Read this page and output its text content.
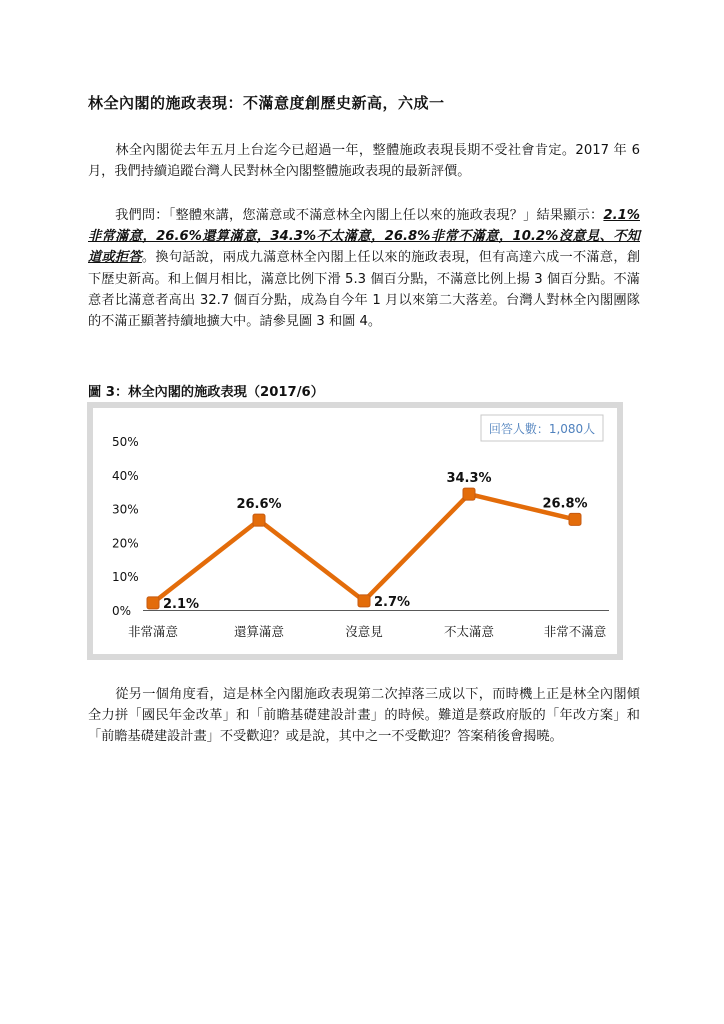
林全內閣的施政表現：不滿意度創歷史新高，六成一
林全內閣從去年五月上台迄今已超過一年，整體施政表現長期不受社會肯定。2017 年 6 月，我們持續追蹤台灣人民對林全內閣整體施政表現的最新評價。
我們問：「整體來講，您滿意或不滿意林全內閣上任以來的施政表現？」結果顯示：2.1%非常滿意，26.6%還算滿意，34.3%不太滿意，26.8%非常不滿意，10.2%沒意見、不知道或拒答。換句話說，兩成九滿意林全內閣上任以來的施政表現，但有高達六成一不滿意，創下歷史新高。和上個月相比，滿意比例下滑 5.3 個百分點，不滿意比例上揚 3 個百分點。不滿意者比滿意者高出 32.7 個百分點，成為自今年 1 月以來第二大落差。台灣人對林全內閣團隊的不滿正顯著持續地擴大中。請參見圖 3 和圖 4。
圖 3：林全內閣的施政表現（2017/6）
回答人數：1,080人
0%
10%
20%
30%
40%
50%
非常滿意	還算滿意	沒意見	不太滿意	非常不滿意
2.1%
26.6%
2.7%
34.3%
26.8%
從另一個角度看，這是林全內閣施政表現第二次掉落三成以下，而時機上正是林全內閣傾全力拼「國民年金改革」和「前瞻基礎建設計畫」的時候。難道是蔡政府版的「年改方案」和「前瞻基礎建設計畫」不受歡迎？或是說，其中之一不受歡迎？答案稍後會揭曉。
